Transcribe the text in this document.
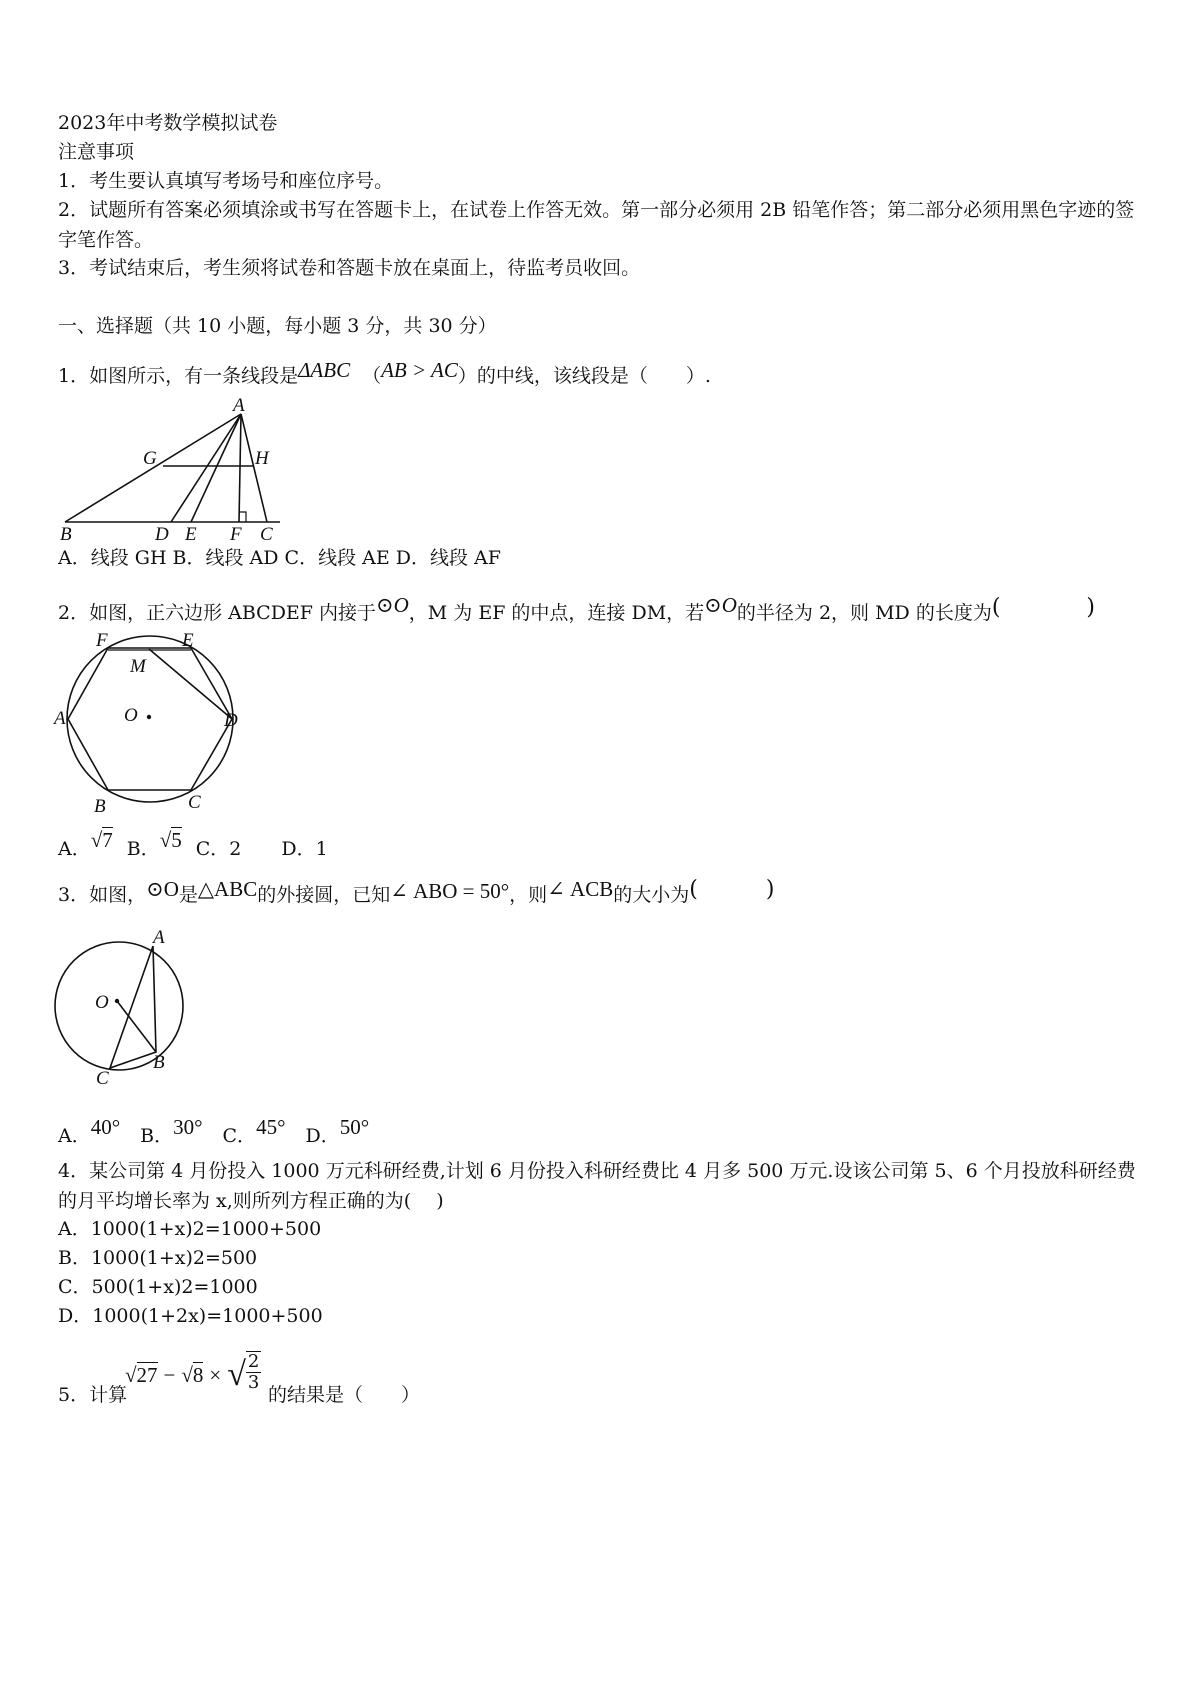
2023年中考数学模拟试卷
注意事项
1．考生要认真填写考场号和座位序号。
2．试题所有答案必须填涂或书写在答题卡上，在试卷上作答无效。第一部分必须用 2B 铅笔作答；第二部分必须用黑色字迹的签字笔作答。
3．考试结束后，考生须将试卷和答题卡放在桌面上，待监考员收回。
一、选择题（共 10 小题，每小题 3 分，共 30 分）
1．如图所示，有一条线段是ΔABC （AB > AC）的中线，该线段是（　　）.
A
G	H
B	D E F C
A．线段 GH B．线段 AD C．线段 AE D．线段 AF
2．如图，正六边形 ABCDEF 内接于⊙O，M 为 EF 的中点，连接 DM，若⊙O的半径为 2，则 MD 的长度为(　　)
F	E
M
A	O	D
B	C
A．√7 B．√5 C．2 D．1
3．如图，⊙O是△ABC的外接圆，已知∠ ABO = 50°，则∠ ACB的大小为(　　)
A
O
B
C
A．40° B．30° C．45° D．50°
4．某公司第 4 月份投入 1000 万元科研经费,计划 6 月份投入科研经费比 4 月多 500 万元.设该公司第 5、6 个月投放科研经费的月平均增长率为 x,则所列方程正确的为(　 )
A．1000(1+x)2=1000+500
B．1000(1+x)2=500
C．500(1+x)2=1000
D．1000(1+2x)=1000+500
5．计算
√27 − √8 × √ $\frac{2}{3}$
的结果是（　　）
